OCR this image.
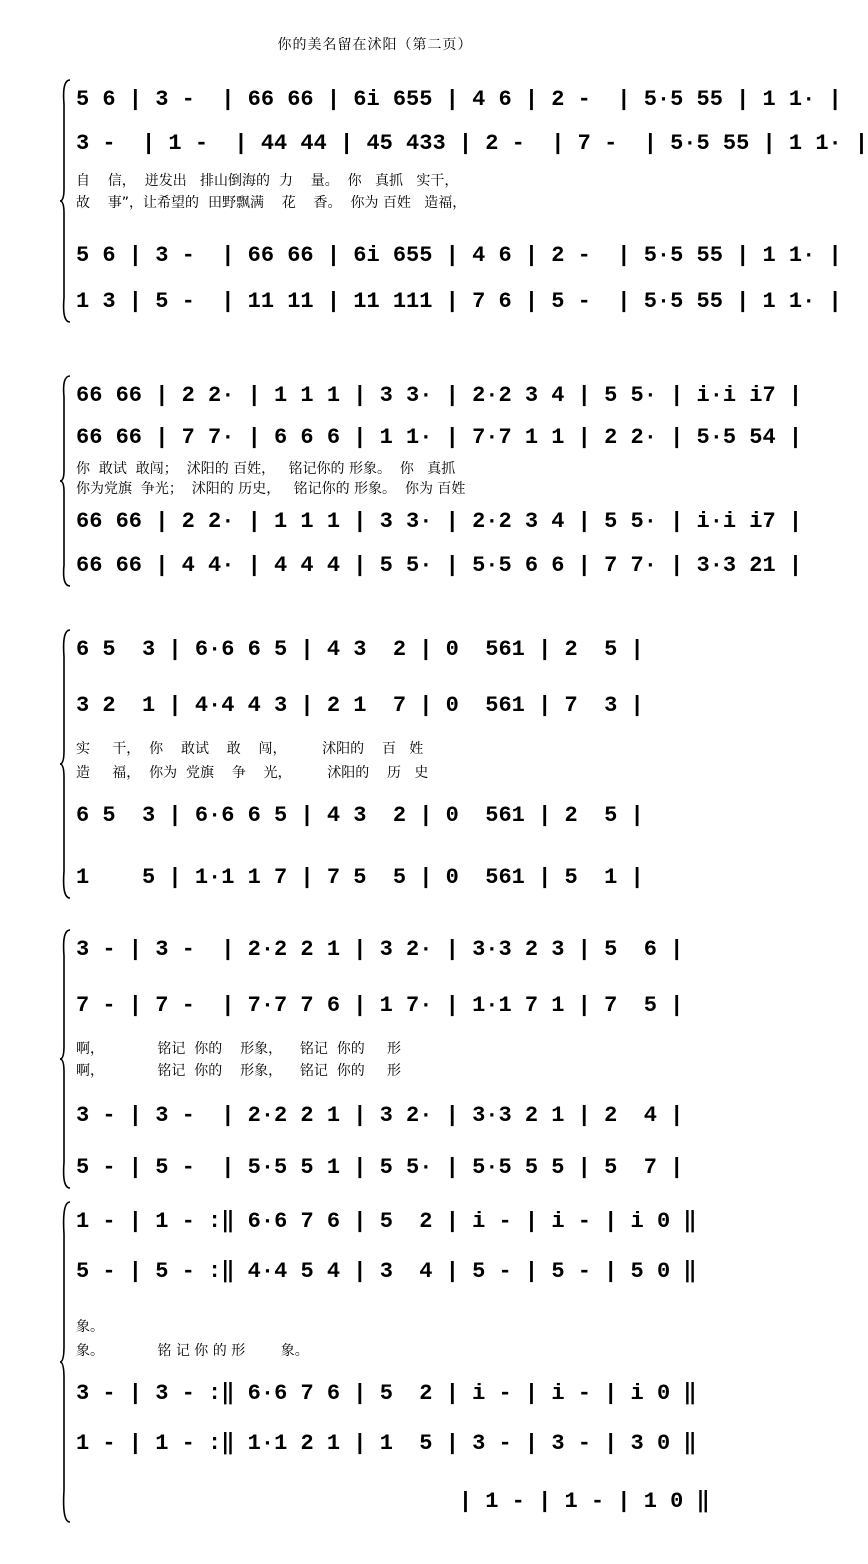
你的美名留在沭阳（第二页）
5 6 | 3 -  | 66 66 | 6i 655 | 4 6 | 2 -  | 5·5 55 | 1 1· |
3 -  | 1 -  | 44 44 | 45 433 | 2 -  | 7 -  | 5·5 55 | 1 1· |
自    信，  迸发出   排山倒海的  力    量。  你   真抓   实干，
故    事”，让希望的  田野飘满    花    香。  你为 百姓   造福，
5 6 | 3 -  | 66 66 | 6i 655 | 4 6 | 2 -  | 5·5 55 | 1 1· |
1 3 | 5 -  | 11 11 | 11 111 | 7 6 | 5 -  | 5·5 55 | 1 1· |
66 66 | 2 2· | 1 1 1 | 3 3· | 2·2 3 4 | 5 5· | i·i i7 |
66 66 | 7 7· | 6 6 6 | 1 1· | 7·7 1 1 | 2 2· | 5·5 54 |
你  敢试  敢闯；  沭阳的 百姓，   铭记你的 形象。  你   真抓
你为党旗  争光；  沭阳的 历史，   铭记你的 形象。  你为 百姓
66 66 | 2 2· | 1 1 1 | 3 3· | 2·2 3 4 | 5 5· | i·i i7 |
66 66 | 4 4· | 4 4 4 | 5 5· | 5·5 6 6 | 7 7· | 3·3 21 |
6 5  3 | 6·6 6 5 | 4 3  2 | 0  561 | 2  5 |
3 2  1 | 4·4 4 3 | 2 1  7 | 0  561 | 7  3 |
实     干，  你    敢试    敢    闯，        沭阳的    百   姓
造     福，  你为  党旗    争    光，        沭阳的    历   史
6 5  3 | 6·6 6 5 | 4 3  2 | 0  561 | 2  5 |
1    5 | 1·1 1 7 | 7 5  5 | 0  561 | 5  1 |
3 - | 3 -  | 2·2 2 1 | 3 2· | 3·3 2 3 | 5  6 |
7 - | 7 -  | 7·7 7 6 | 1 7· | 1·1 7 1 | 7  5 |
啊，            铭记  你的    形象，    铭记  你的     形
啊，            铭记  你的    形象，    铭记  你的     形
3 - | 3 -  | 2·2 2 1 | 3 2· | 3·3 2 1 | 2  4 |
5 - | 5 -  | 5·5 5 1 | 5 5· | 5·5 5 5 | 5  7 |
1 - | 1 - :‖ 6·6 7 6 | 5  2 | i - | i - | i 0 ‖
5 - | 5 - :‖ 4·4 5 4 | 3  4 | 5 - | 5 - | 5 0 ‖
象。
象。            铭 记 你 的 形        象。
3 - | 3 - :‖ 6·6 7 6 | 5  2 | i - | i - | i 0 ‖
1 - | 1 - :‖ 1·1 2 1 | 1  5 | 3 - | 3 - | 3 0 ‖
| 1 - | 1 - | 1 0 ‖
